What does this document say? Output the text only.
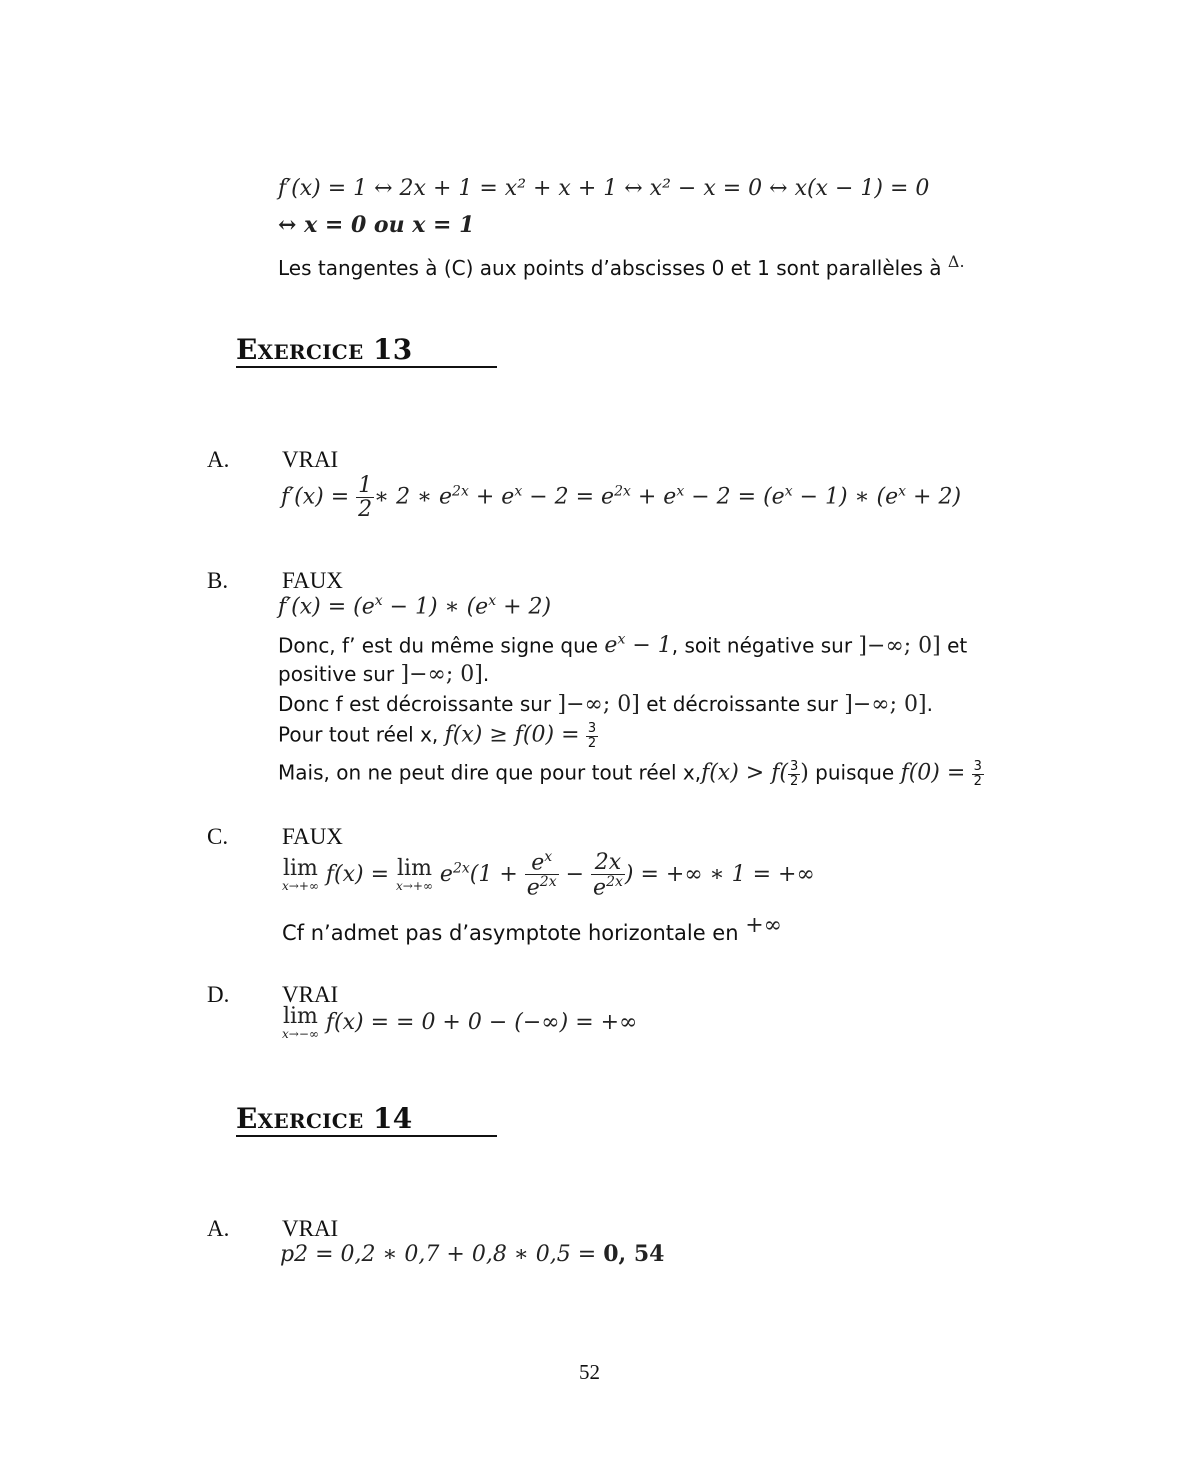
f′(x) = 1 ↔ 2x + 1 = x² + x + 1 ↔ x² − x = 0 ↔ x(x − 1) = 0
↔ x = 0 ou x = 1
Les tangentes à (C) aux points d’abscisses 0 et 1 sont parallèles à $^{\Delta.}$
EXERCICE 13
A. VRAI
$f'(x) = \frac{1}{2}$ ∗ 2 ∗ $e^{2x} + e^x - 2 = e^{2x} + e^x - 2 = (e^x - 1)$ ∗ $(e^x + 2)$
B. FAUX
$f'(x) = (e^x - 1)$ ∗ $(e^x + 2)$
Donc, f’ est du même signe que $e^x - 1$, soit négative sur ]−∞; 0] et
positive sur ]−∞; 0].
Donc f est décroissante sur ]−∞; 0] et décroissante sur ]−∞; 0].
Pour tout réel x, $f(x) \ge f(0) = \frac{3}{2}$
Mais, on ne peut dire que pour tout réel $x,f(x) > f( \frac{3}{2}$ ) puisque $f(0) = \frac{3}{2}$
C. FAUX
lim
x→+∞ f(x) = lim
x→+∞ $e^{2x}(1 + \frac{e^x}{e^{2x}} - \frac{2x}{e^{2x}}$ ) = +∞ ∗ 1 = +∞
Cf n’admet pas d’asymptote horizontale en +∞
D. VRAI
lim
x→−∞ f(x) = = 0 + 0 − (−∞) = +∞
EXERCICE 14
A. VRAI
p2 = 0,2 ∗ 0,7 + 0,8 ∗ 0,5 = 0, 54
52
